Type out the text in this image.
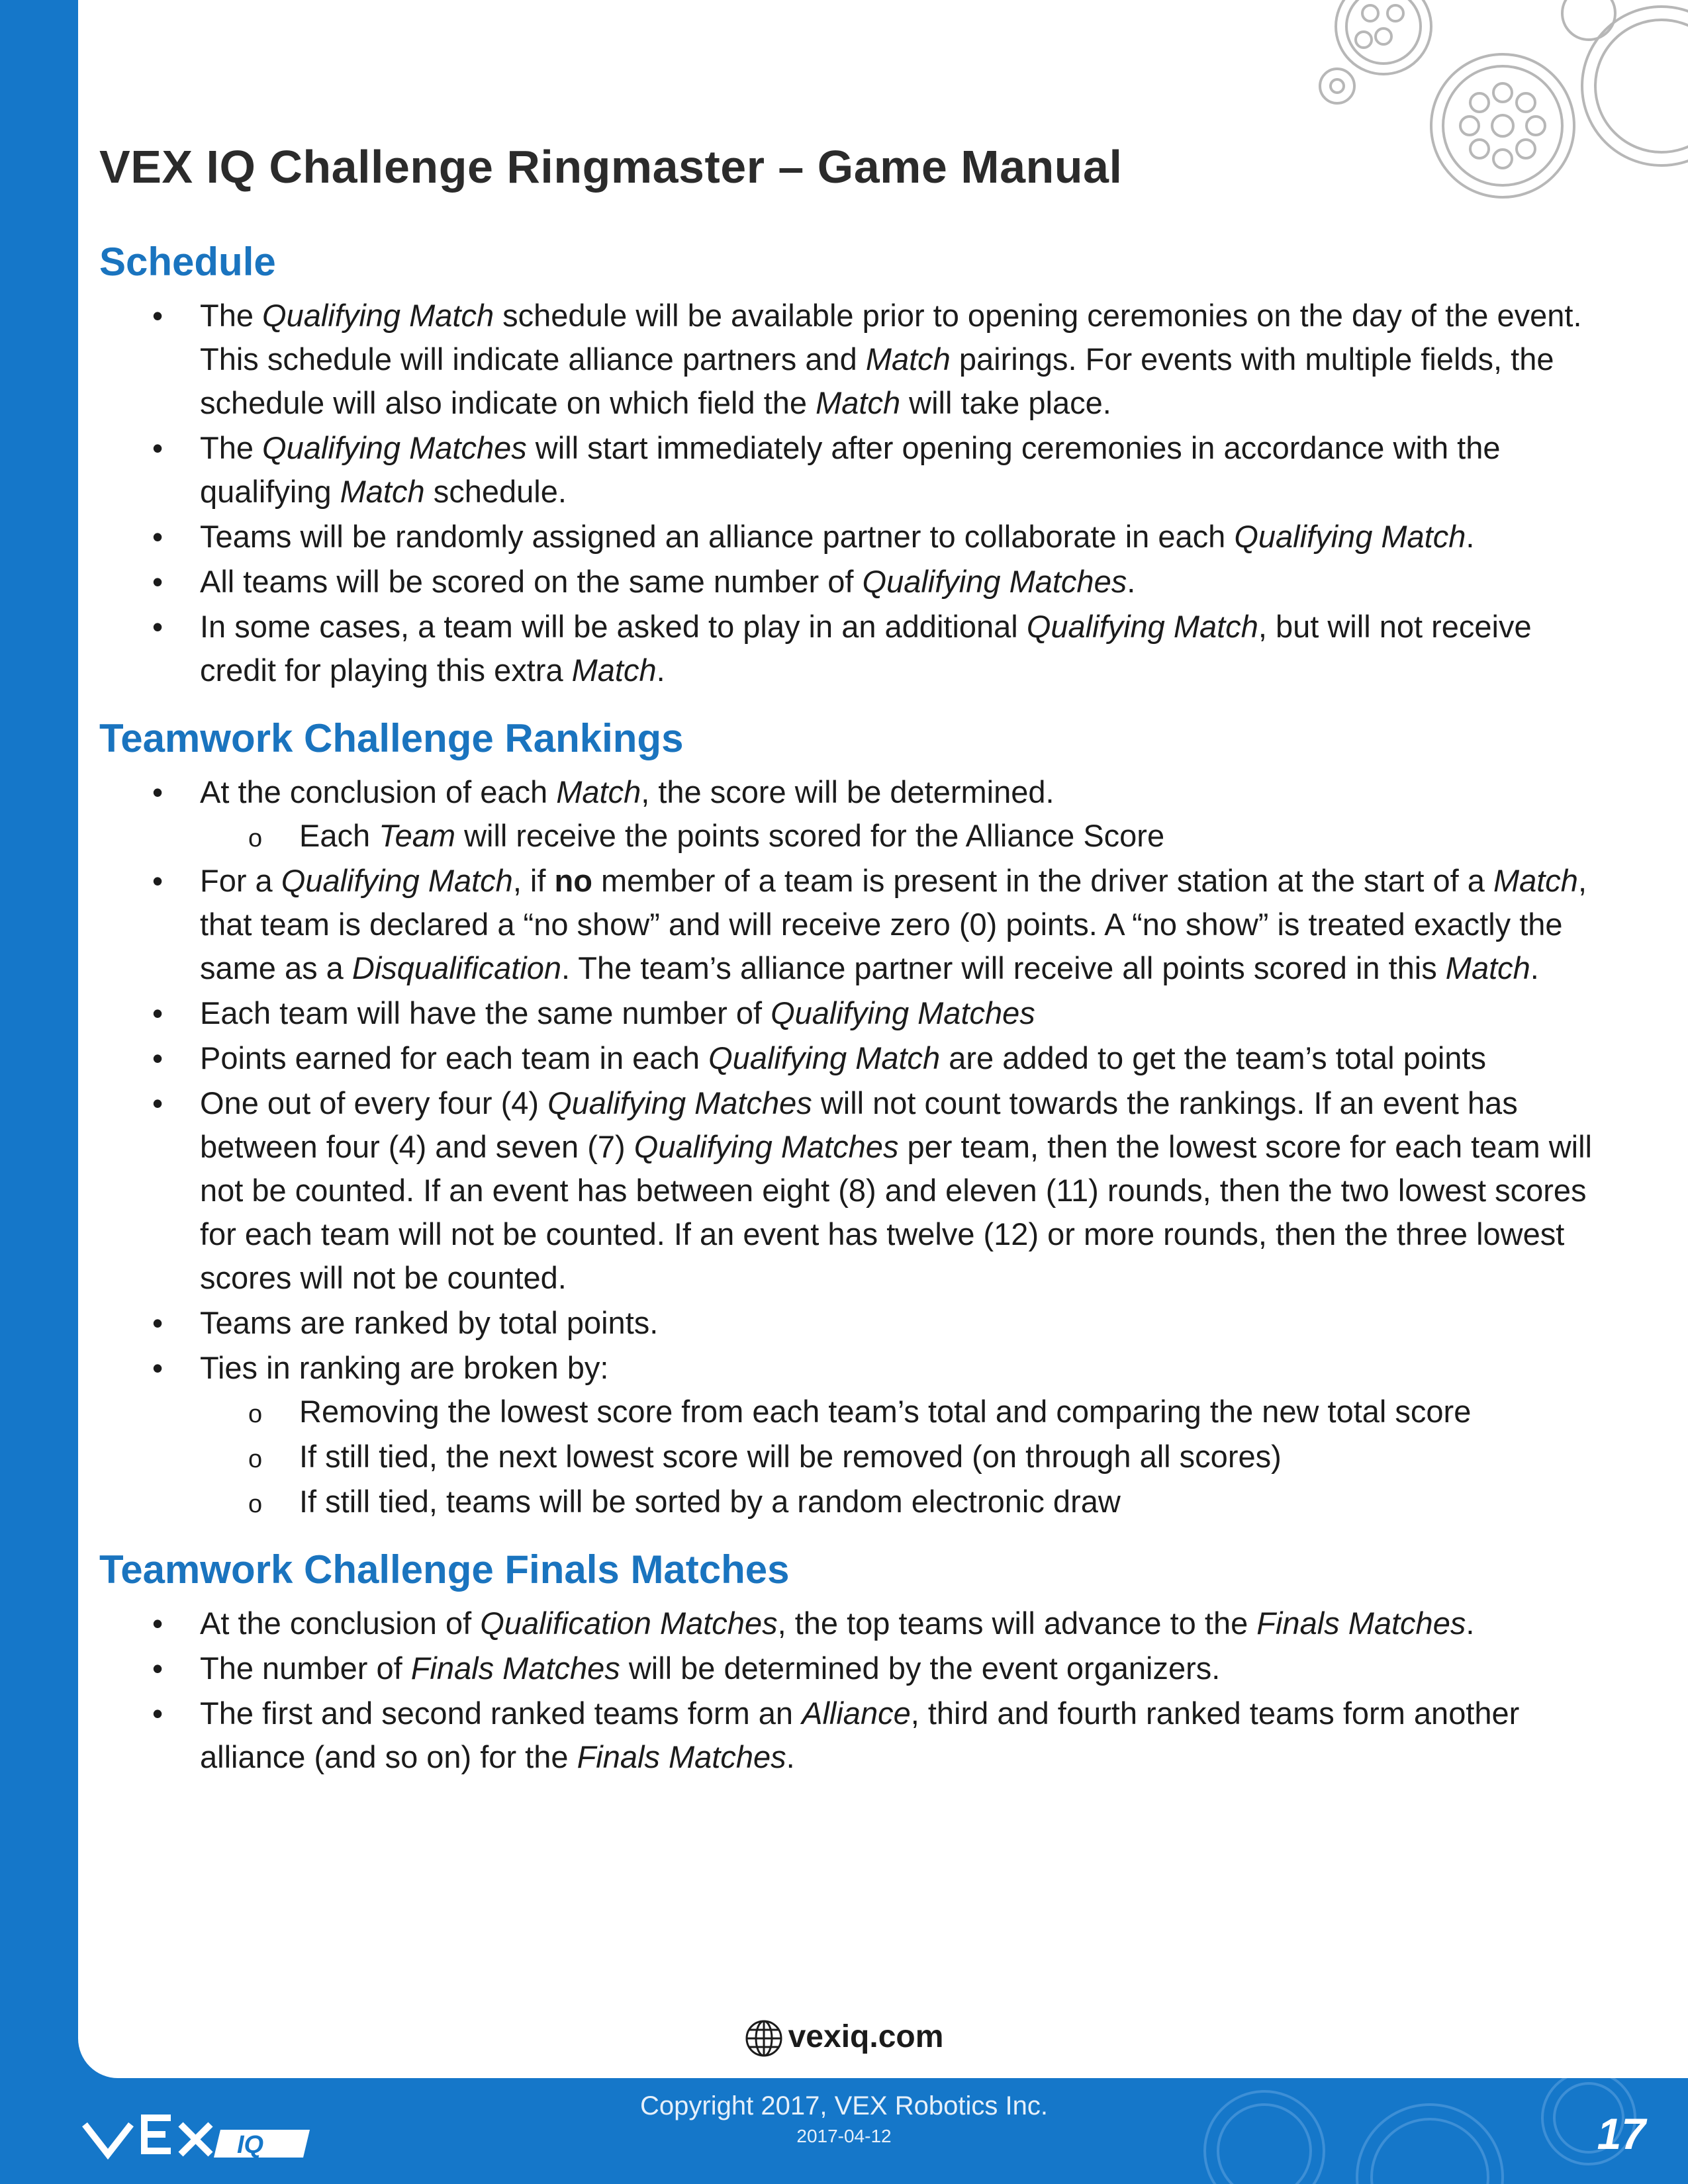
VEX IQ Challenge Ringmaster – Game Manual
Schedule
• The Qualifying Match schedule will be available prior to opening ceremonies on the day of the event. This schedule will indicate alliance partners and Match pairings. For events with multiple fields, the schedule will also indicate on which field the Match will take place.
• The Qualifying Matches will start immediately after opening ceremonies in accordance with the qualifying Match schedule.
• Teams will be randomly assigned an alliance partner to collaborate in each Qualifying Match.
• All teams will be scored on the same number of Qualifying Matches.
• In some cases, a team will be asked to play in an additional Qualifying Match, but will not receive credit for playing this extra Match.
Teamwork Challenge Rankings
• At the conclusion of each Match, the score will be determined.
o Each Team will receive the points scored for the Alliance Score
• For a Qualifying Match, if no member of a team is present in the driver station at the start of a Match, that team is declared a “no show” and will receive zero (0) points. A “no show” is treated exactly the same as a Disqualification. The team’s alliance partner will receive all points scored in this Match.
• Each team will have the same number of Qualifying Matches
• Points earned for each team in each Qualifying Match are added to get the team’s total points
• One out of every four (4) Qualifying Matches will not count towards the rankings. If an event has between four (4) and seven (7) Qualifying Matches per team, then the lowest score for each team will not be counted. If an event has between eight (8) and eleven (11) rounds, then the two lowest scores for each team will not be counted. If an event has twelve (12) or more rounds, then the three lowest scores will not be counted.
• Teams are ranked by total points.
• Ties in ranking are broken by:
o Removing the lowest score from each team’s total and comparing the new total score
o If still tied, the next lowest score will be removed (on through all scores)
o If still tied, teams will be sorted by a random electronic draw
Teamwork Challenge Finals Matches
• At the conclusion of Qualification Matches, the top teams will advance to the Finals Matches.
• The number of Finals Matches will be determined by the event organizers.
• The first and second ranked teams form an Alliance, third and fourth ranked teams form another alliance (and so on) for the Finals Matches.
vexiq.com
IQ
Copyright 2017, VEX Robotics Inc.
2017-04-12	17
